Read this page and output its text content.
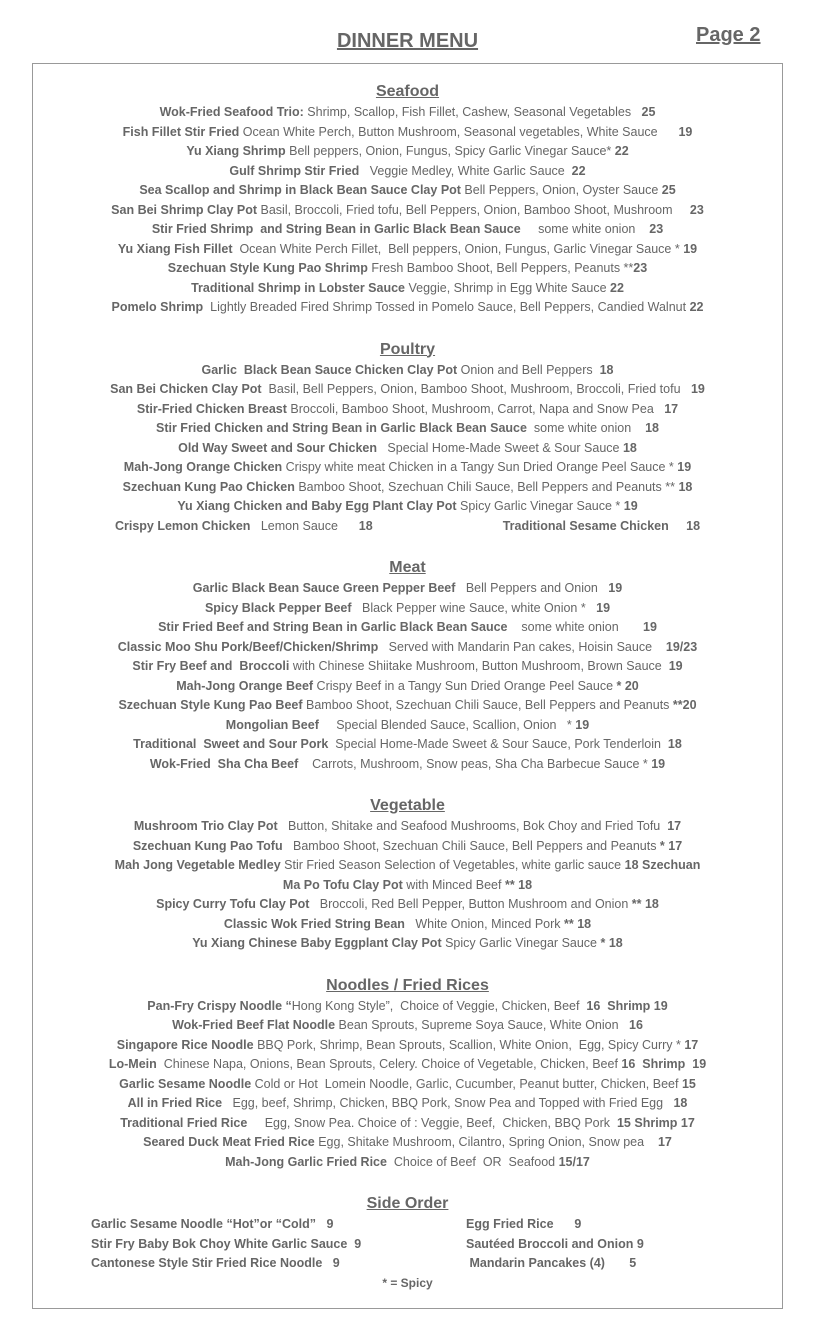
DINNER MENU	Page 2
Seafood
Wok-Fried Seafood Trio: Shrimp, Scallop, Fish Fillet, Cashew, Seasonal Vegetables   25
Fish Fillet Stir Fried Ocean White Perch, Button Mushroom, Seasonal vegetables, White Sauce      19
Yu Xiang Shrimp Bell peppers, Onion, Fungus, Spicy Garlic Vinegar Sauce* 22
Gulf Shrimp Stir Fried   Veggie Medley, White Garlic Sauce  22
Sea Scallop and Shrimp in Black Bean Sauce Clay Pot Bell Peppers, Onion, Oyster Sauce 25
San Bei Shrimp Clay Pot Basil, Broccoli, Fried tofu, Bell Peppers, Onion, Bamboo Shoot, Mushroom     23
Stir Fried Shrimp  and String Bean in Garlic Black Bean Sauce     some white onion    23
Yu Xiang Fish Fillet  Ocean White Perch Fillet,  Bell peppers, Onion, Fungus, Garlic Vinegar Sauce * 19
Szechuan Style Kung Pao Shrimp Fresh Bamboo Shoot, Bell Peppers, Peanuts **23
Traditional Shrimp in Lobster Sauce Veggie, Shrimp in Egg White Sauce 22
Pomelo Shrimp  Lightly Breaded Fired Shrimp Tossed in Pomelo Sauce, Bell Peppers, Candied Walnut 22
Poultry
Garlic  Black Bean Sauce Chicken Clay Pot Onion and Bell Peppers  18
San Bei Chicken Clay Pot  Basil, Bell Peppers, Onion, Bamboo Shoot, Mushroom, Broccoli, Fried tofu   19
Stir-Fried Chicken Breast Broccoli, Bamboo Shoot, Mushroom, Carrot, Napa and Snow Pea   17
Stir Fried Chicken and String Bean in Garlic Black Bean Sauce  some white onion    18
Old Way Sweet and Sour Chicken   Special Home-Made Sweet & Sour Sauce 18
Mah-Jong Orange Chicken Crispy white meat Chicken in a Tangy Sun Dried Orange Peel Sauce * 19
Szechuan Kung Pao Chicken Bamboo Shoot, Szechuan Chili Sauce, Bell Peppers and Peanuts ** 18
Yu Xiang Chicken and Baby Egg Plant Clay Pot Spicy Garlic Vinegar Sauce * 19
Crispy Lemon Chicken   Lemon Sauce      18	Traditional Sesame Chicken     18
Meat
Garlic Black Bean Sauce Green Pepper Beef   Bell Peppers and Onion   19
Spicy Black Pepper Beef   Black Pepper wine Sauce, white Onion *   19
Stir Fried Beef and String Bean in Garlic Black Bean Sauce    some white onion       19
Classic Moo Shu Pork/Beef/Chicken/Shrimp   Served with Mandarin Pan cakes, Hoisin Sauce    19/23
Stir Fry Beef and  Broccoli with Chinese Shiitake Mushroom, Button Mushroom, Brown Sauce  19
Mah-Jong Orange Beef Crispy Beef in a Tangy Sun Dried Orange Peel Sauce * 20
Szechuan Style Kung Pao Beef Bamboo Shoot, Szechuan Chili Sauce, Bell Peppers and Peanuts **20
Mongolian Beef     Special Blended Sauce, Scallion, Onion   * 19
Traditional  Sweet and Sour Pork  Special Home-Made Sweet & Sour Sauce, Pork Tenderloin  18
Wok-Fried  Sha Cha Beef    Carrots, Mushroom, Snow peas, Sha Cha Barbecue Sauce * 19
Vegetable
Mushroom Trio Clay Pot   Button, Shitake and Seafood Mushrooms, Bok Choy and Fried Tofu  17
Szechuan Kung Pao Tofu   Bamboo Shoot, Szechuan Chili Sauce, Bell Peppers and Peanuts * 17
Mah Jong Vegetable Medley Stir Fried Season Selection of Vegetables, white garlic sauce 18 Szechuan
Ma Po Tofu Clay Pot with Minced Beef ** 18
Spicy Curry Tofu Clay Pot   Broccoli, Red Bell Pepper, Button Mushroom and Onion ** 18
Classic Wok Fried String Bean   White Onion, Minced Pork ** 18
Yu Xiang Chinese Baby Eggplant Clay Pot Spicy Garlic Vinegar Sauce * 18
Noodles / Fried Rices
Pan-Fry Crispy Noodle “Hong Kong Style”,  Choice of Veggie, Chicken, Beef  16  Shrimp 19
Wok-Fried Beef Flat Noodle Bean Sprouts, Supreme Soya Sauce, White Onion   16
Singapore Rice Noodle BBQ Pork, Shrimp, Bean Sprouts, Scallion, White Onion,  Egg, Spicy Curry * 17
Lo-Mein  Chinese Napa, Onions, Bean Sprouts, Celery. Choice of Vegetable, Chicken, Beef 16  Shrimp  19
Garlic Sesame Noodle Cold or Hot  Lomein Noodle, Garlic, Cucumber, Peanut butter, Chicken, Beef 15
All in Fried Rice   Egg, beef, Shrimp, Chicken, BBQ Pork, Snow Pea and Topped with Fried Egg   18
Traditional Fried Rice     Egg, Snow Pea. Choice of : Veggie, Beef,  Chicken, BBQ Pork  15 Shrimp 17
Seared Duck Meat Fried Rice Egg, Shitake Mushroom, Cilantro, Spring Onion, Snow pea    17
Mah-Jong Garlic Fried Rice  Choice of Beef  OR  Seafood 15/17
Side Order
Garlic Sesame Noodle “Hot”or “Cold”   9	Egg Fried Rice      9
Stir Fry Baby Bok Choy White Garlic Sauce  9	Sautéed Broccoli and Onion 9
Cantonese Style Stir Fried Rice Noodle   9	Mandarin Pancakes (4)       5
* = Spicy
